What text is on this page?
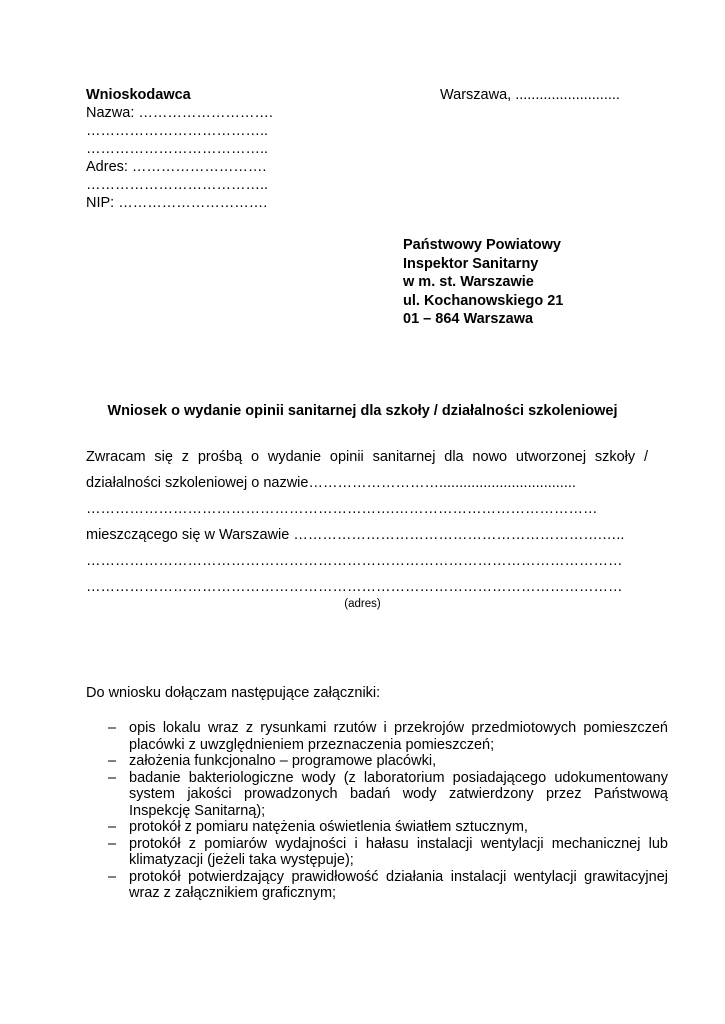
Wnioskodawca
Nazwa: ……………………….
………………………………..
………………………………..
Adres: ……………………….
………………………………..
NIP: ………………………….
Warszawa, ..........................
Państwowy Powiatowy
Inspektor Sanitarny
w m. st. Warszawie
ul. Kochanowskiego 21
01 – 864 Warszawa
Wniosek o wydanie opinii sanitarnej dla szkoły / działalności szkoleniowej
Zwracam się z prośbą o wydanie opinii sanitarnej dla nowo utworzonej szkoły /
działalności szkoleniowej o nazwie………………………..................................
……………………………………………………….……………………………………
mieszczącego się w Warszawie ……………………………………………………….…..
…………………………………………………………………………………………………
…………………………………………………………………………………………………
(adres)
Do wniosku dołączam następujące załączniki:
– opis lokalu wraz z rysunkami rzutów i przekrojów przedmiotowych pomieszczeń placówki z uwzględnieniem przeznaczenia pomieszczeń;
– założenia funkcjonalno – programowe placówki,
– badanie bakteriologiczne wody (z laboratorium posiadającego udokumentowany system jakości prowadzonych badań wody zatwierdzony przez Państwową Inspekcję Sanitarną);
– protokół z pomiaru natężenia oświetlenia światłem sztucznym,
– protokół z pomiarów wydajności i hałasu instalacji wentylacji mechanicznej lub klimatyzacji (jeżeli taka występuje);
– protokół potwierdzający prawidłowość działania instalacji wentylacji grawitacyjnej wraz z załącznikiem graficznym;
